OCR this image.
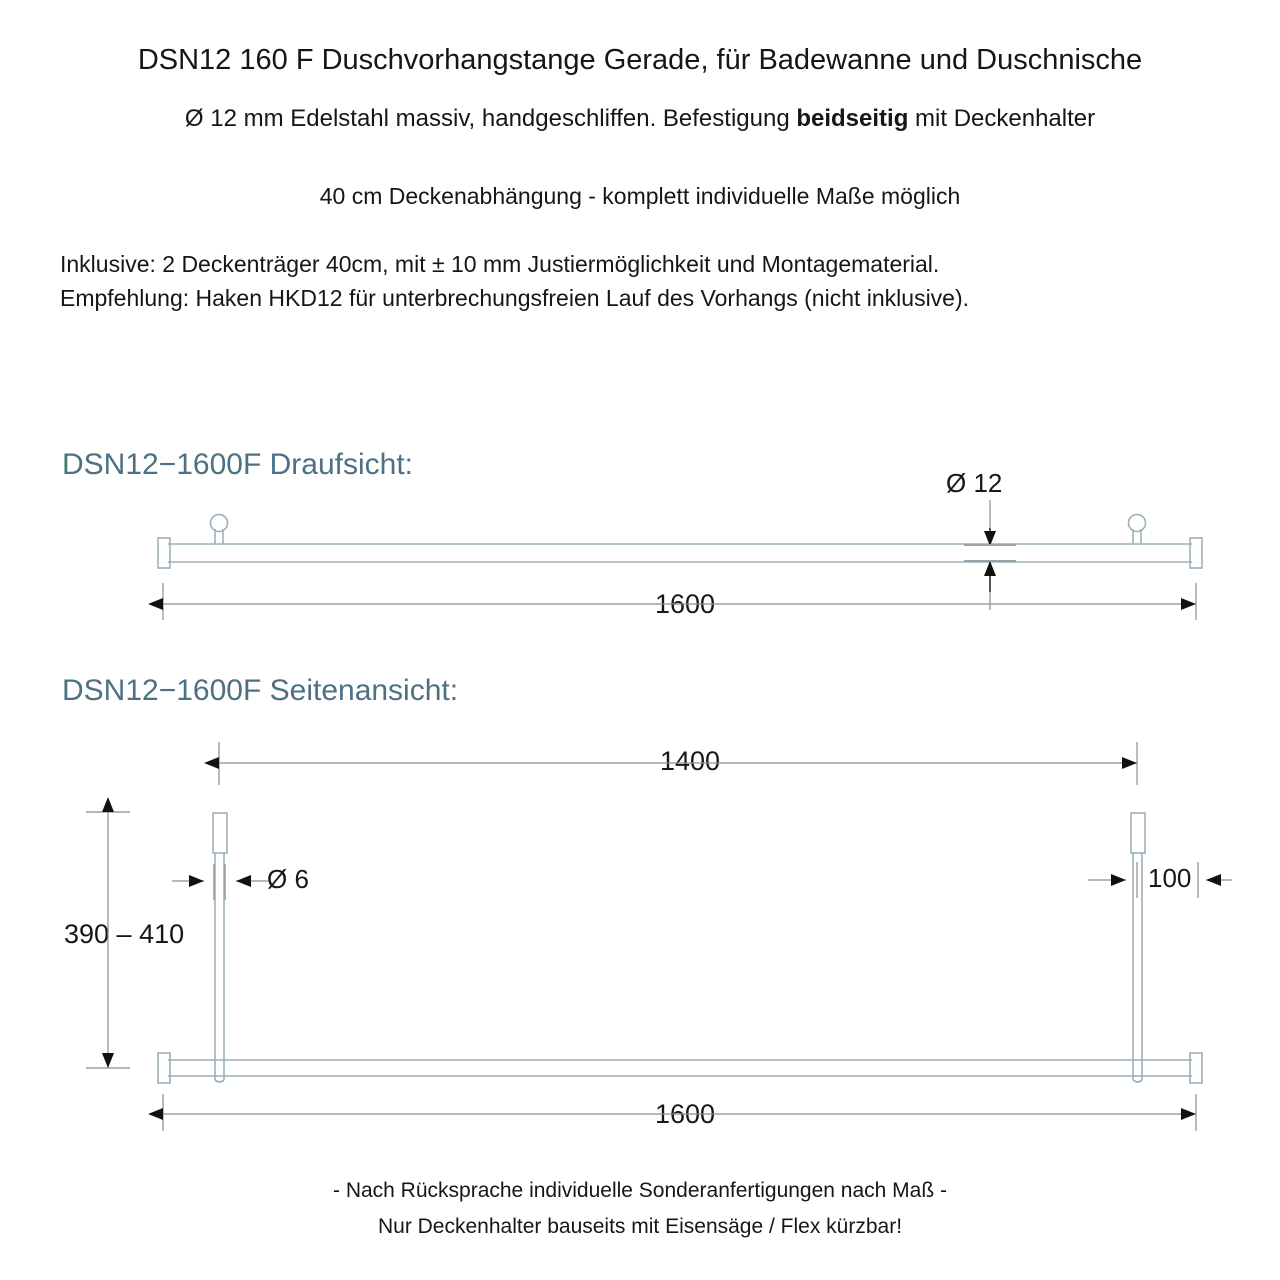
DSN12 160 F Duschvorhangstange Gerade, für Badewanne und Duschnische
Ø 12 mm Edelstahl massiv, handgeschliffen. Befestigung beidseitig mit Deckenhalter
40 cm Deckenabhängung - komplett individuelle Maße möglich
Inklusive: 2 Deckenträger 40cm, mit ± 10 mm Justiermöglichkeit und Montagematerial.
Empfehlung: Haken HKD12 für unterbrechungsfreien Lauf des Vorhangs (nicht inklusive).
DSN12−1600F Draufsicht:
DSN12−1600F Seitenansicht:
- Nach Rücksprache individuelle Sonderanfertigungen nach Maß -
Nur Deckenhalter bauseits mit Eisensäge / Flex kürzbar!
1600
Ø 12
1400
Ø 6	100
390 – 410
1600
